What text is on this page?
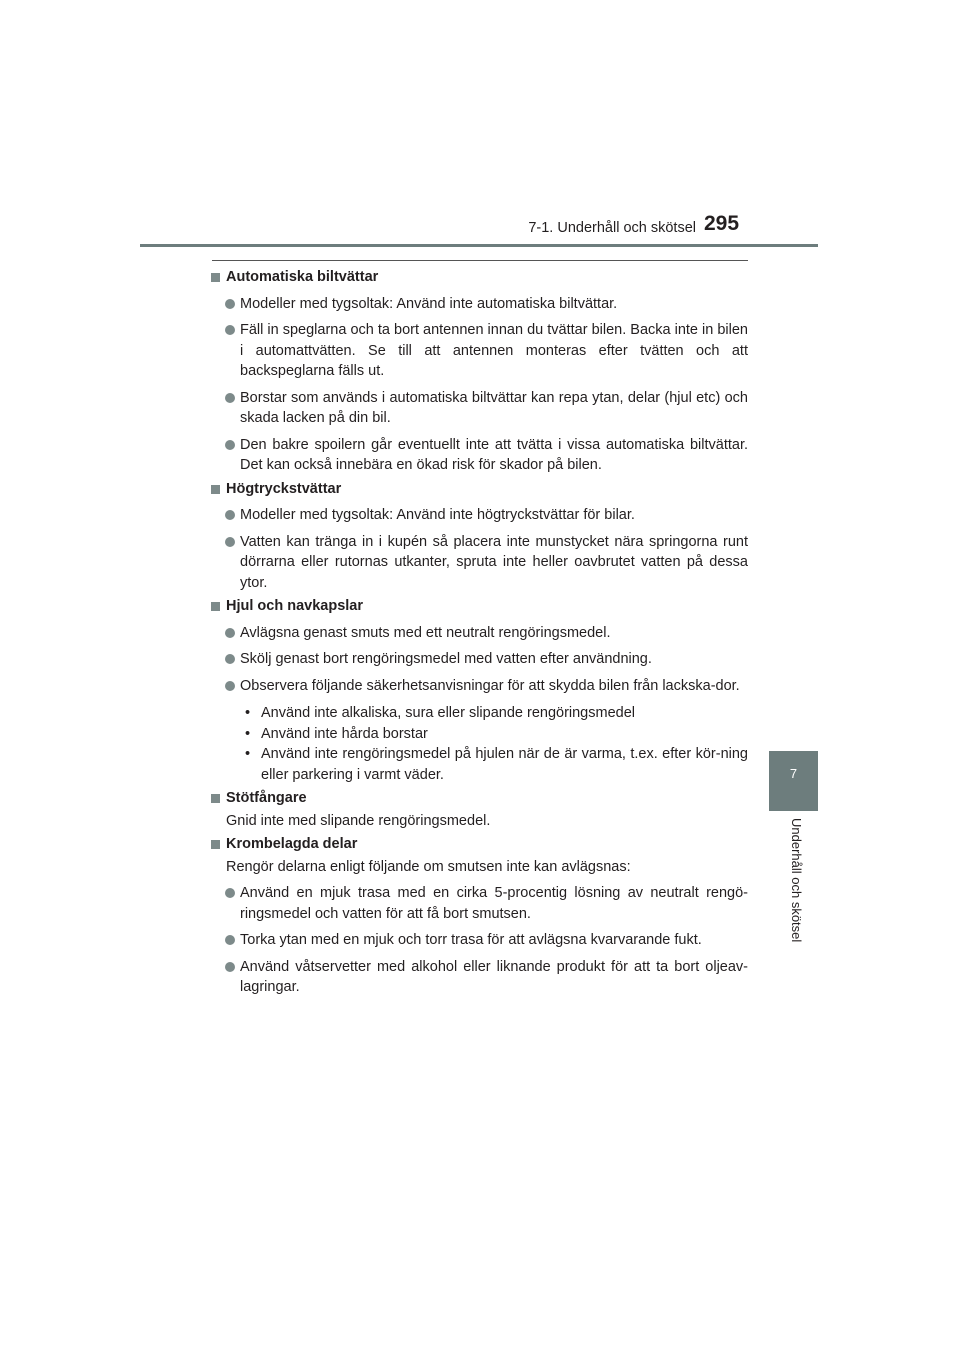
7-1. Underhåll och skötsel 295
7
Underhåll och skötsel
Automatiska biltvättar
Modeller med tygsoltak: Använd inte automatiska biltvättar.
Fäll in speglarna och ta bort antennen innan du tvättar bilen. Backa inte in bilen i automattvätten. Se till att antennen monteras efter tvätten och att backspeglarna fälls ut.
Borstar som används i automatiska biltvättar kan repa ytan, delar (hjul etc) och skada lacken på din bil.
Den bakre spoilern går eventuellt inte att tvätta i vissa automatiska biltvättar. Det kan också innebära en ökad risk för skador på bilen.
Högtryckstvättar
Modeller med tygsoltak: Använd inte högtryckstvättar för bilar.
Vatten kan tränga in i kupén så placera inte munstycket nära springorna runt dörrarna eller rutornas utkanter, spruta inte heller oavbrutet vatten på dessa ytor.
Hjul och navkapslar
Avlägsna genast smuts med ett neutralt rengöringsmedel.
Skölj genast bort rengöringsmedel med vatten efter användning.
Observera följande säkerhetsanvisningar för att skydda bilen från lackska-dor.
• Använd inte alkaliska, sura eller slipande rengöringsmedel
• Använd inte hårda borstar
• Använd inte rengöringsmedel på hjulen när de är varma, t.ex. efter kör-ning eller parkering i varmt väder.
Stötfångare
Gnid inte med slipande rengöringsmedel.
Krombelagda delar
Rengör delarna enligt följande om smutsen inte kan avlägsnas:
Använd en mjuk trasa med en cirka 5-procentig lösning av neutralt rengö-ringsmedel och vatten för att få bort smutsen.
Torka ytan med en mjuk och torr trasa för att avlägsna kvarvarande fukt.
Använd våtservetter med alkohol eller liknande produkt för att ta bort oljeav-lagringar.
